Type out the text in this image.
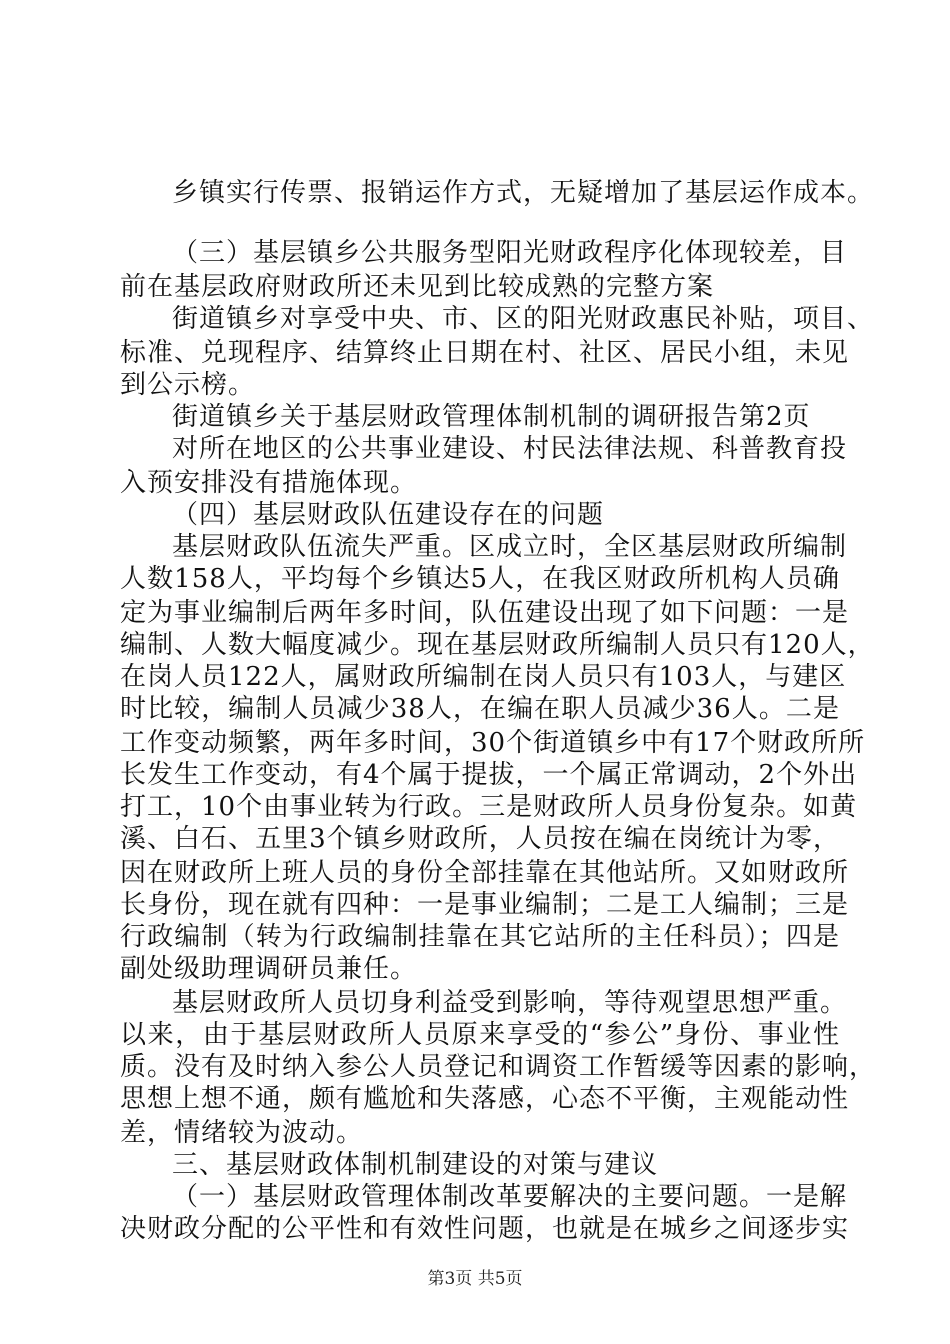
乡镇实行传票、报销运作方式，无疑增加了基层运作成本。
（三）基层镇乡公共服务型阳光财政程序化体现较差，目
前在基层政府财政所还未见到比较成熟的完整方案
街道镇乡对享受中央、市、区的阳光财政惠民补贴，项目、
标准、兑现程序、结算终止日期在村、社区、居民小组，未见
到公示榜。
街道镇乡关于基层财政管理体制机制的调研报告第2页
对所在地区的公共事业建设、村民法律法规、科普教育投
入预安排没有措施体现。
（四）基层财政队伍建设存在的问题
基层财政队伍流失严重。区成立时，全区基层财政所编制
人数158人，平均每个乡镇达5人，在我区财政所机构人员确
定为事业编制后两年多时间，队伍建设出现了如下问题：一是
编制、人数大幅度减少。现在基层财政所编制人员只有120人，
在岗人员122人，属财政所编制在岗人员只有103人，与建区
时比较，编制人员减少38人，在编在职人员减少36人。二是
工作变动频繁，两年多时间，30个街道镇乡中有17个财政所所
长发生工作变动，有4个属于提拔，一个属正常调动，2个外出
打工，10个由事业转为行政。三是财政所人员身份复杂。如黄
溪、白石、五里3个镇乡财政所，人员按在编在岗统计为零，
因在财政所上班人员的身份全部挂靠在其他站所。又如财政所
长身份，现在就有四种：一是事业编制；二是工人编制；三是
行政编制（转为行政编制挂靠在其它站所的主任科员）；四是
副处级助理调研员兼任。
基层财政所人员切身利益受到影响，等待观望思想严重。
以来，由于基层财政所人员原来享受的“参公”身份、事业性
质。没有及时纳入参公人员登记和调资工作暂缓等因素的影响，
思想上想不通，颇有尴尬和失落感，心态不平衡，主观能动性
差，情绪较为波动。
三、基层财政体制机制建设的对策与建议
（一）基层财政管理体制改革要解决的主要问题。一是解
决财政分配的公平性和有效性问题，也就是在城乡之间逐步实
第3页 共5页
